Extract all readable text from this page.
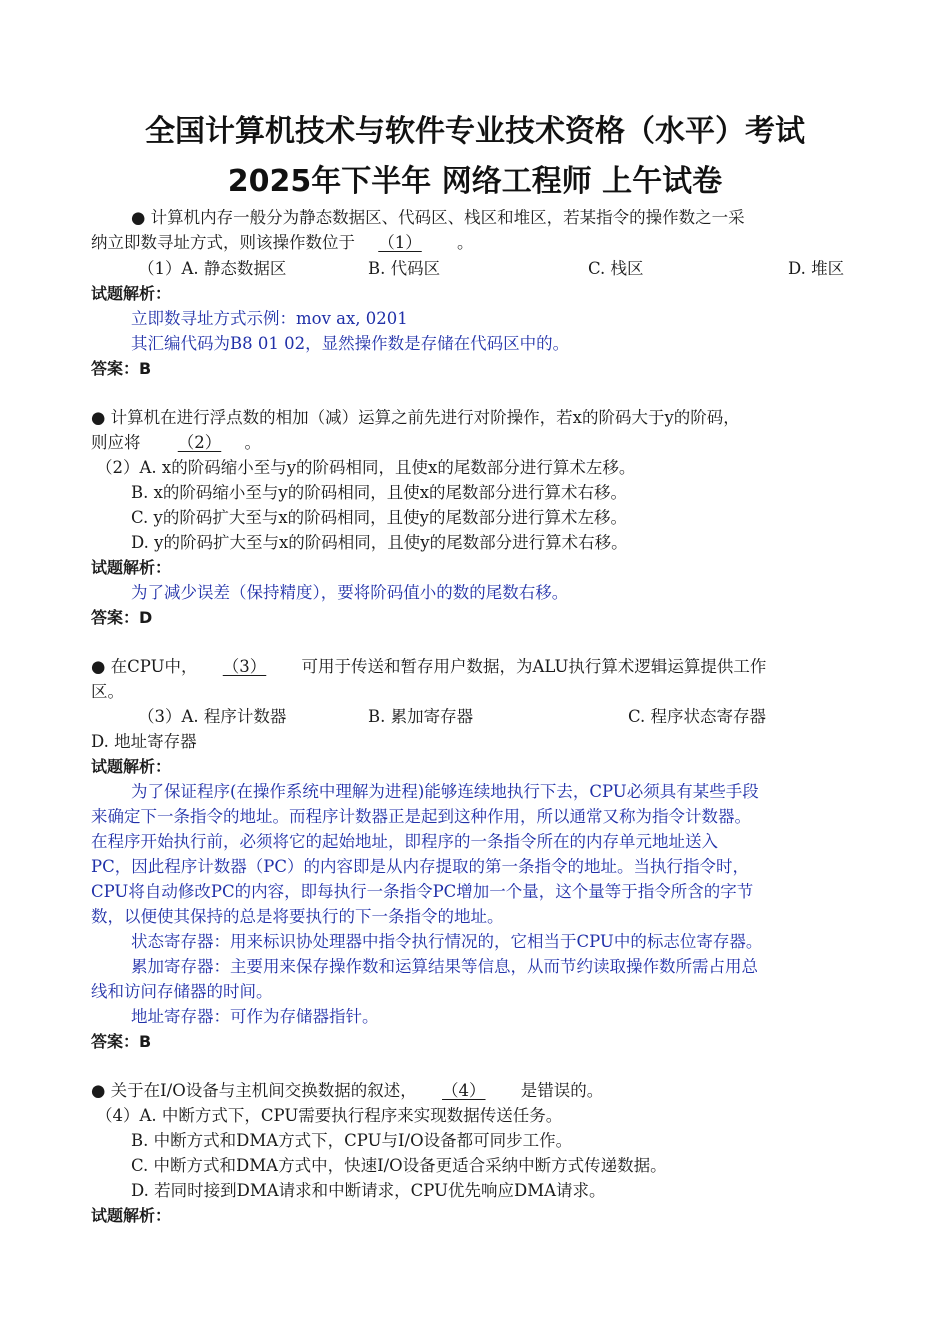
全国计算机技术与软件专业技术资格（水平）考试
2025年下半年 网络工程师 上午试卷
● 计算机内存一般分为静态数据区、代码区、栈区和堆区，若某指令的操作数之一采
纳立即数寻址方式，则该操作数位于 （1） 。
（1）A. 静态数据区	B. 代码区	C. 栈区	D. 堆区
试题解析：
立即数寻址方式示例：mov ax, 0201
其汇编代码为B8 01 02，显然操作数是存储在代码区中的。
答案：B
● 计算机在进行浮点数的相加（减）运算之前先进行对阶操作，若x的阶码大于y的阶码，
则应将 （2） 。
（2）A. x的阶码缩小至与y的阶码相同，且使x的尾数部分进行算术左移。
B. x的阶码缩小至与y的阶码相同，且使x的尾数部分进行算术右移。
C. y的阶码扩大至与x的阶码相同，且使y的尾数部分进行算术左移。
D. y的阶码扩大至与x的阶码相同，且使y的尾数部分进行算术右移。
试题解析：
为了减少误差（保持精度），要将阶码值小的数的尾数右移。
答案：D
● 在CPU中， （3） 可用于传送和暂存用户数据，为ALU执行算术逻辑运算提供工作
区。
（3）A. 程序计数器	B. 累加寄存器	C. 程序状态寄存器
D. 地址寄存器
试题解析：
为了保证程序(在操作系统中理解为进程)能够连续地执行下去，CPU必须具有某些手段
来确定下一条指令的地址。而程序计数器正是起到这种作用，所以通常又称为指令计数器。
在程序开始执行前，必须将它的起始地址，即程序的一条指令所在的内存单元地址送入
PC，因此程序计数器（PC）的内容即是从内存提取的第一条指令的地址。当执行指令时，
CPU将自动修改PC的内容，即每执行一条指令PC增加一个量，这个量等于指令所含的字节
数，以便使其保持的总是将要执行的下一条指令的地址。
状态寄存器：用来标识协处理器中指令执行情况的，它相当于CPU中的标志位寄存器。
累加寄存器：主要用来保存操作数和运算结果等信息，从而节约读取操作数所需占用总
线和访问存储器的时间。
地址寄存器：可作为存储器指针。
答案：B
● 关于在I/O设备与主机间交换数据的叙述， （4） 是错误的。
（4）A. 中断方式下，CPU需要执行程序来实现数据传送任务。
B. 中断方式和DMA方式下，CPU与I/O设备都可同步工作。
C. 中断方式和DMA方式中，快速I/O设备更适合采纳中断方式传递数据。
D. 若同时接到DMA请求和中断请求，CPU优先响应DMA请求。
试题解析：
